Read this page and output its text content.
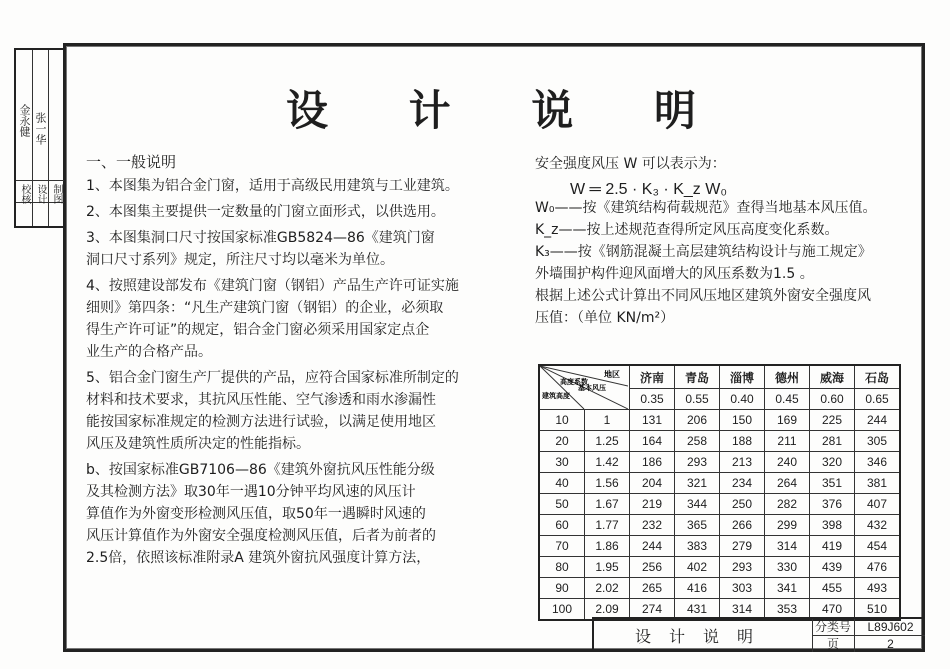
金永健 张一华
校核 设计 制图
设 计 说 明

一、一般说明

1、本图集为铝合金门窗，适用于高级民用建筑与工业建筑。

2、本图集主要提供一定数量的门窗立面形式，以供选用。

3、本图集洞口尺寸按国家标准GB5824—86《建筑门窗
洞口尺寸系列》规定，所注尺寸均以毫米为单位。

4、按照建设部发布《建筑门窗（钢铝）产品生产许可证实施
细则》第四条：“凡生产建筑门窗（钢铝）的企业，必须取
得生产许可证”的规定，铝合金门窗必须采用国家定点企
业生产的合格产品。

5、铝合金门窗生产厂提供的产品，应符合国家标准所制定的
材料和技术要求，其抗风压性能、空气渗透和雨水渗漏性
能按国家标准规定的检测方法进行试验，以满足使用地区
风压及建筑性质所决定的性能指标。

b、按国家标准GB7106—86《建筑外窗抗风压性能分级
及其检测方法》取30年一遇10分钟平均风速的风压计
算值作为外窗变形检测风压值，取50年一遇瞬时风速的
风压计算值作为外窗安全强度检测风压值，后者为前者的
2.5倍，依照该标准附录A 建筑外窗抗风强度计算方法，

安全强度风压 W 可以表示为：

W₀——按《建筑结构荷载规范》查得当地基本风压值。

K_z——按上述规范查得所定风压高度变化系数。

K₃——按《钢筋混凝土高层建筑结构设计与施工规定》

外墙围护构件迎风面增大的风压系数为1.5 。

根据上述公式计算出不同风压地区建筑外窗安全强度风

压值：（单位 KN/m²）

W ═ 2.5 · K₃ · K_z W₀
地区
基本风压
高度系数
建筑高度		济南	青岛	淄博	德州	威海	石岛
		0.35	0.55	0.40	0.45	0.60	0.65
10	1	131	206	150	169	225	244
20	1.25	164	258	188	211	281	305
30	1.42	186	293	213	240	320	346
40	1.56	204	321	234	264	351	381
50	1.67	219	344	250	282	376	407
60	1.77	232	365	266	299	398	432
70	1.86	244	383	279	314	419	454
80	1.95	256	402	293	330	439	476
90	2.02	265	416	303	341	455	493
100	2.09	274	431	314	353	470	510
设计说明	分类号	L89J602
页	2
